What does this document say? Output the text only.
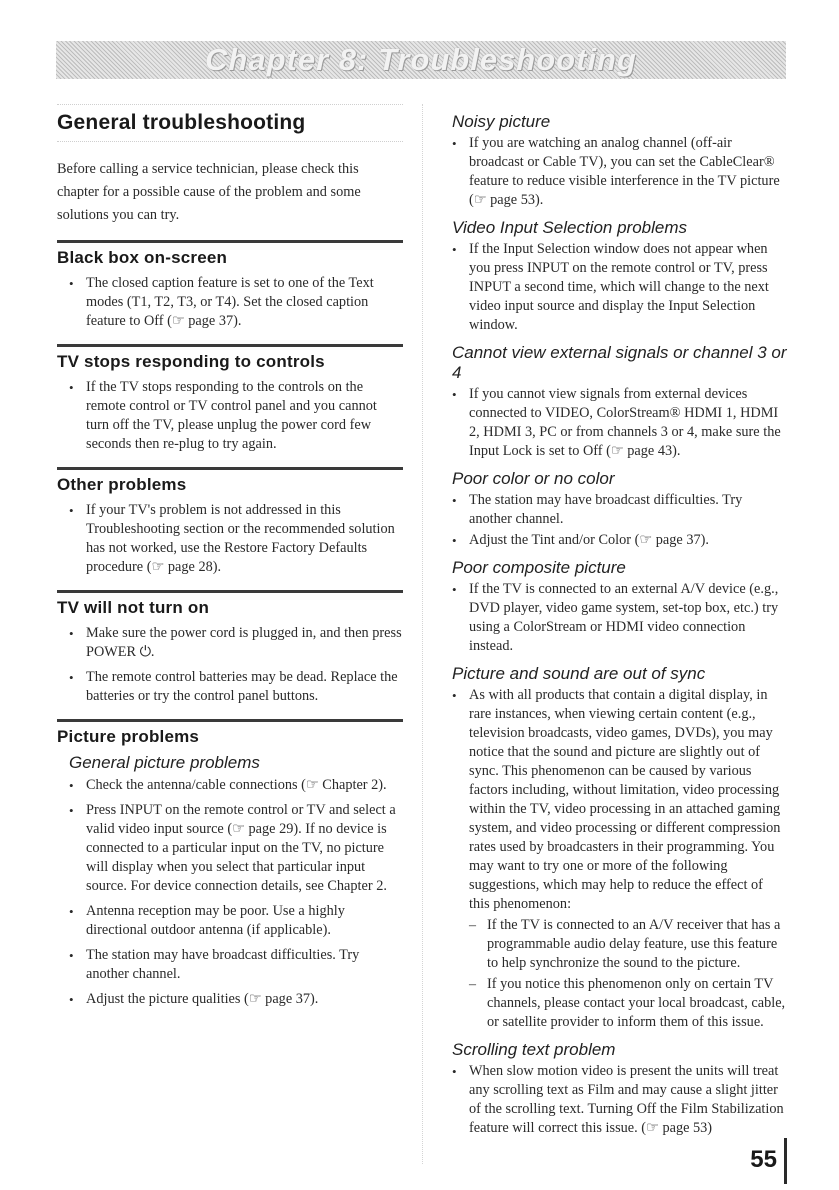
Chapter 8: Troubleshooting
General troubleshooting

Before calling a service technician, please check this chapter for a possible cause of the problem and some solutions you can try.

Black box on-screen
• The closed caption feature is set to one of the Text modes (T1, T2, T3, or T4). Set the closed caption feature to Off (☞ page 37).
TV stops responding to controls
• If the TV stops responding to the controls on the remote control or TV control panel and you cannot turn off the TV, please unplug the power cord few seconds then re-plug to try again.
Other problems
• If your TV's problem is not addressed in this Troubleshooting section or the recommended solution has not worked, use the Restore Factory Defaults procedure (☞ page 28).
TV will not turn on
• Make sure the power cord is plugged in, and then press POWER ⏻.
• The remote control batteries may be dead. Replace the batteries or try the control panel buttons.
Picture problems
General picture problems
• Check the antenna/cable connections (☞ Chapter 2).
• Press INPUT on the remote control or TV and select a valid video input source (☞ page 29). If no device is connected to a particular input on the TV, no picture will display when you select that particular input source. For device connection details, see Chapter 2.
• Antenna reception may be poor. Use a highly directional outdoor antenna (if applicable).
• The station may have broadcast difficulties. Try another channel.
• Adjust the picture qualities (☞ page 37).
Noisy picture
• If you are watching an analog channel (off-air broadcast or Cable TV), you can set the CableClear® feature to reduce visible interference in the TV picture (☞ page 53).
Video Input Selection problems
• If the Input Selection window does not appear when you press INPUT on the remote control or TV, press INPUT a second time, which will change to the next video input source and display the Input Selection window.
Cannot view external signals or channel 3 or 4
• If you cannot view signals from external devices connected to VIDEO, ColorStream® HDMI 1, HDMI 2, HDMI 3, PC or from channels 3 or 4, make sure the Input Lock is set to Off (☞ page 43).
Poor color or no color
• The station may have broadcast difficulties. Try another channel.
• Adjust the Tint and/or Color (☞ page 37).
Poor composite picture
• If the TV is connected to an external A/V device (e.g., DVD player, video game system, set-top box, etc.) try using a ColorStream or HDMI video connection instead.
Picture and sound are out of sync
• As with all products that contain a digital display, in rare instances, when viewing certain content (e.g., television broadcasts, video games, DVDs), you may notice that the sound and picture are slightly out of sync. This phenomenon can be caused by various factors including, without limitation, video processing within the TV, video processing in an attached gaming system, and video processing or different compression rates used by broadcasters in their programming. You may want to try one or more of the following suggestions, which may help to reduce the effect of this phenomenon:
– If the TV is connected to an A/V receiver that has a programmable audio delay feature, use this feature to help synchronize the sound to the picture.
– If you notice this phenomenon only on certain TV channels, please contact your local broadcast, cable, or satellite provider to inform them of this issue.
Scrolling text problem
• When slow motion video is present the units will treat any scrolling text as Film and may cause a slight jitter of the scrolling text. Turning Off the Film Stabilization feature will correct this issue. (☞ page 53)
55
